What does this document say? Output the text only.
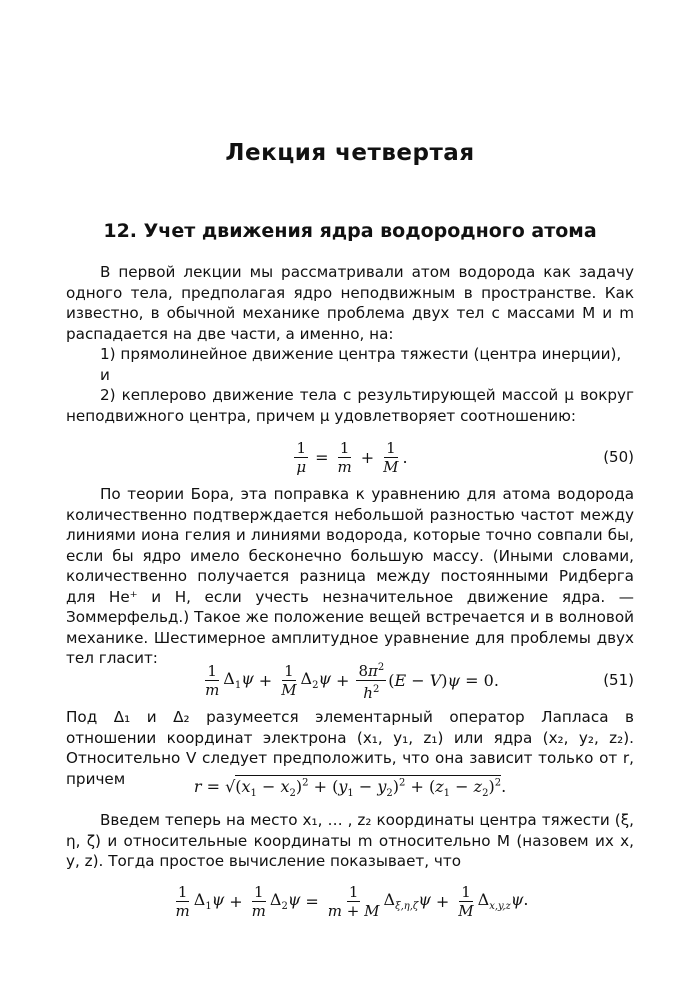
Лекция четвертая
12. Учет движения ядра водородного атома

В первой лекции мы рассматривали атом водорода как задачу одного тела, предполагая ядро неподвижным в пространстве. Как известно, в обычной механике проблема двух тел с массами M и m распадается на две части, а именно, на:

1) прямолинейное движение центра тяжести (центра инерции),

и

2) кеплерово движение тела с результирующей массой μ вокруг неподвижного центра, причем μ удовлетворяет соотношению:

$\frac{1}{\mu} = \frac{1}{m} + \frac{1}{M}$ .	(50)

По теории Бора, эта поправка к уравнению для атома водорода количественно подтверждается небольшой разностью частот между линиями иона гелия и линиями водорода, которые точно совпали бы, если бы ядро имело бесконечно большую массу. (Иными словами, количественно получается разница между постоянными Ридберга для He⁺ и H, если учесть незначительное движение ядра. — Зоммерфельд.) Такое же положение вещей встречается и в волновой механике. Шестимерное амплитудное уравнение для проблемы двух тел гласит:

$\frac{1}{m} \Delta_1\psi + \frac{1}{M} \Delta_2\psi + \frac{8\pi^2}{h^2} (E - V)\psi = 0$.	(51)

Под Δ₁ и Δ₂ разумеется элементарный оператор Лапласа в отношении координат электрона (x₁, y₁, z₁) или ядра (x₂, y₂, z₂). Относительно V следует предположить, что она зависит только от r, причем	$r = √(x_1 - x_2)^2 + (y_1 - y_2)^2 + (z_1 - z_2)^2$.

Введем теперь на место x₁, … , z₂ координаты центра тяжести (ξ, η, ζ) и относительные координаты m относительно M (назовем их x, y, z). Тогда простое вычисление показывает, что

$\frac{1}{m} \Delta_1\psi + \frac{1}{m} \Delta_2\psi = \frac{1}{m + M} \Delta_{\xi,\eta,\zeta}\psi + \frac{1}{M} \Delta_{x,y,z}\psi$.
